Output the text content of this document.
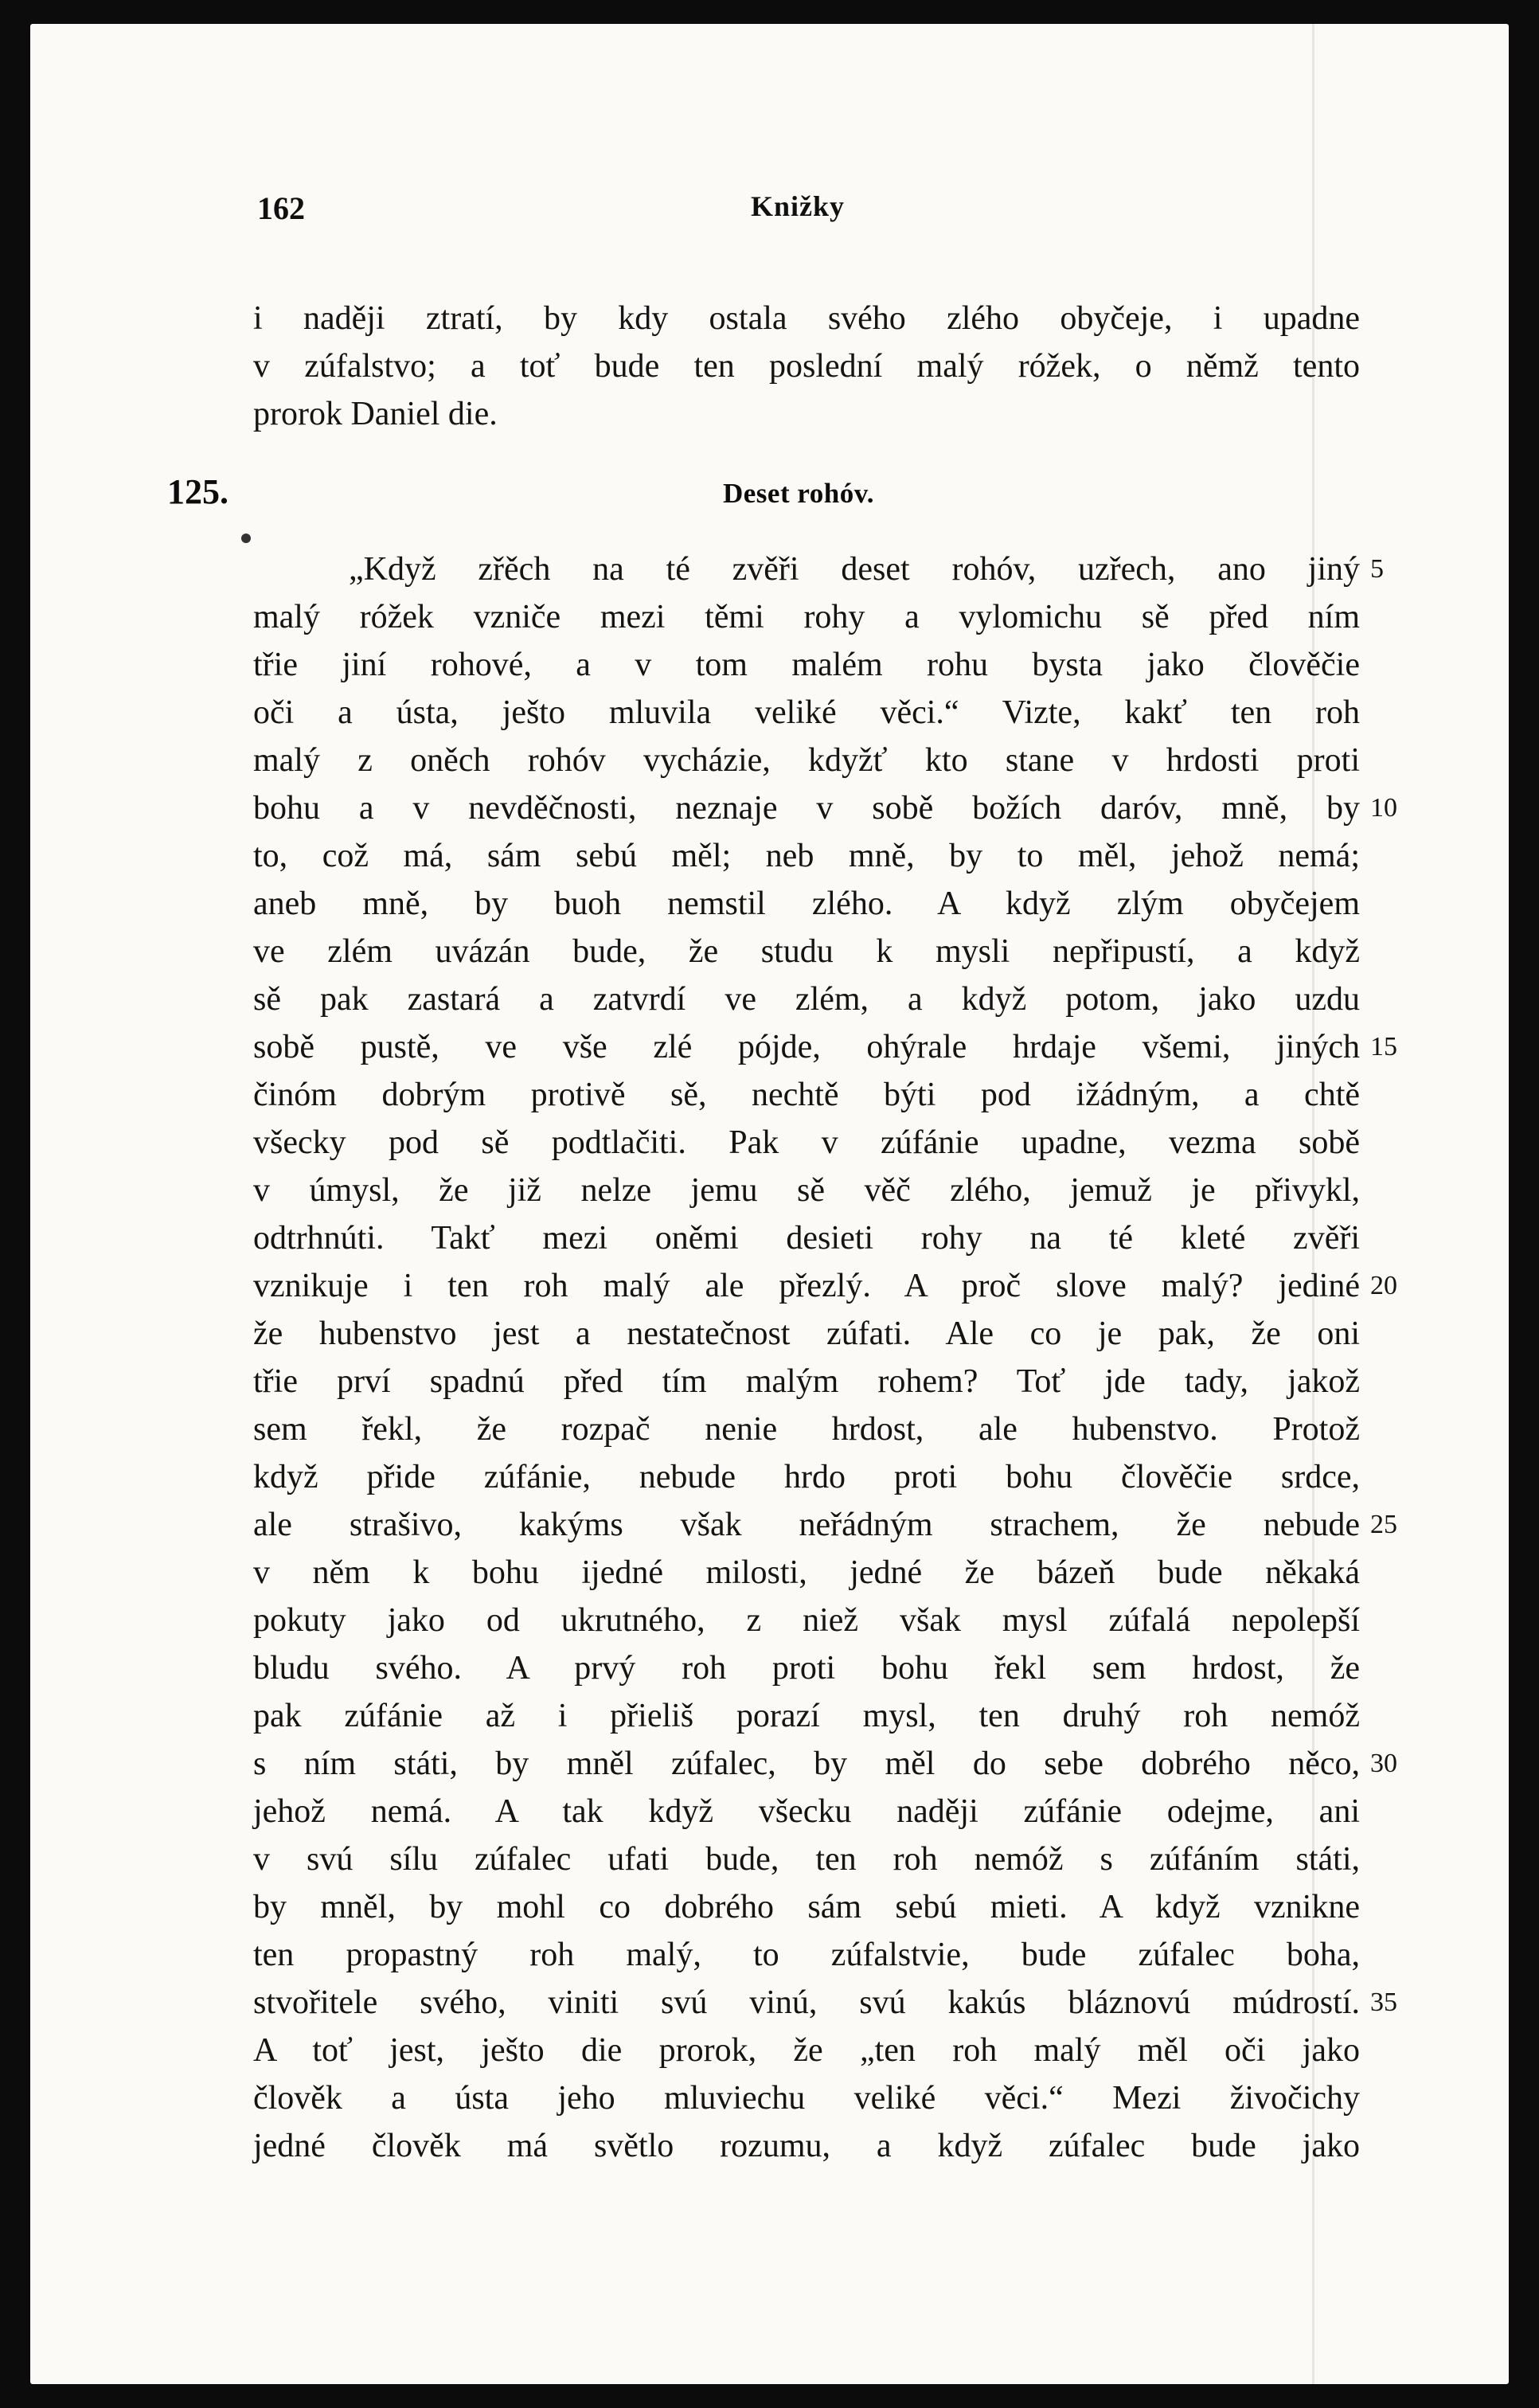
162	Knižky
i naději ztratí, by kdy ostala svého zlého obyčeje, i upadne
v zúfalstvo; a toť bude ten poslední malý róžek, o němž tento
prorok Daniel die.
125.	Deset rohóv.
„Když zřěch na té zvěři deset rohóv, uzřech, ano jiný
malý róžek vzniče mezi těmi rohy a vylomichu sě před ním
třie jiní rohové, a v tom malém rohu bysta jako člověčie
oči a ústa, ješto mluvila veliké věci.“ Vizte, kakť ten roh
malý z oněch rohóv vycházie, kdyžť kto stane v hrdosti proti
bohu a v nevděčnosti, neznaje v sobě božích daróv, mně, by
to, což má, sám sebú měl; neb mně, by to měl, jehož nemá;
aneb mně, by buoh nemstil zlého. A když zlým obyčejem
ve zlém uvázán bude, že studu k mysli nepřipustí, a když
sě pak zastará a zatvrdí ve zlém, a když potom, jako uzdu
sobě pustě, ve vše zlé pójde, ohýrale hrdaje všemi, jiných
činóm dobrým protivě sě, nechtě býti pod ižádným, a chtě
všecky pod sě podtlačiti. Pak v zúfánie upadne, vezma sobě
v úmysl, že již nelze jemu sě věč zlého, jemuž je přivykl,
odtrhnúti. Takť mezi oněmi desieti rohy na té kleté zvěři
vznikuje i ten roh malý ale přezlý. A proč slove malý? jediné
že hubenstvo jest a nestatečnost zúfati. Ale co je pak, že oni
třie prví spadnú před tím malým rohem? Toť jde tady, jakož
sem řekl, že rozpač nenie hrdost, ale hubenstvo. Protož
když přide zúfánie, nebude hrdo proti bohu člověčie srdce,
ale strašivo, kakýms však neřádným strachem, že nebude
v něm k bohu ijedné milosti, jedné že bázeň bude někaká
pokuty jako od ukrutného, z niež však mysl zúfalá nepolepší
bludu svého. A prvý roh proti bohu řekl sem hrdost, že
pak zúfánie až i přieliš porazí mysl, ten druhý roh nemóž
s ním státi, by mněl zúfalec, by měl do sebe dobrého něco,
jehož nemá. A tak když všecku naději zúfánie odejme, ani
v svú sílu zúfalec ufati bude, ten roh nemóž s zúfáním státi,
by mněl, by mohl co dobrého sám sebú mieti. A když vznikne
ten propastný roh malý, to zúfalstvie, bude zúfalec boha,
stvořitele svého, viniti svú vinú, svú kakús bláznovú múdrostí.
A toť jest, ješto die prorok, že „ten roh malý měl oči jako
člověk a ústa jeho mluviechu veliké věci.“ Mezi živočichy
jedné člověk má světlo rozumu, a když zúfalec bude jako
5
10
15
20
25
30
35
